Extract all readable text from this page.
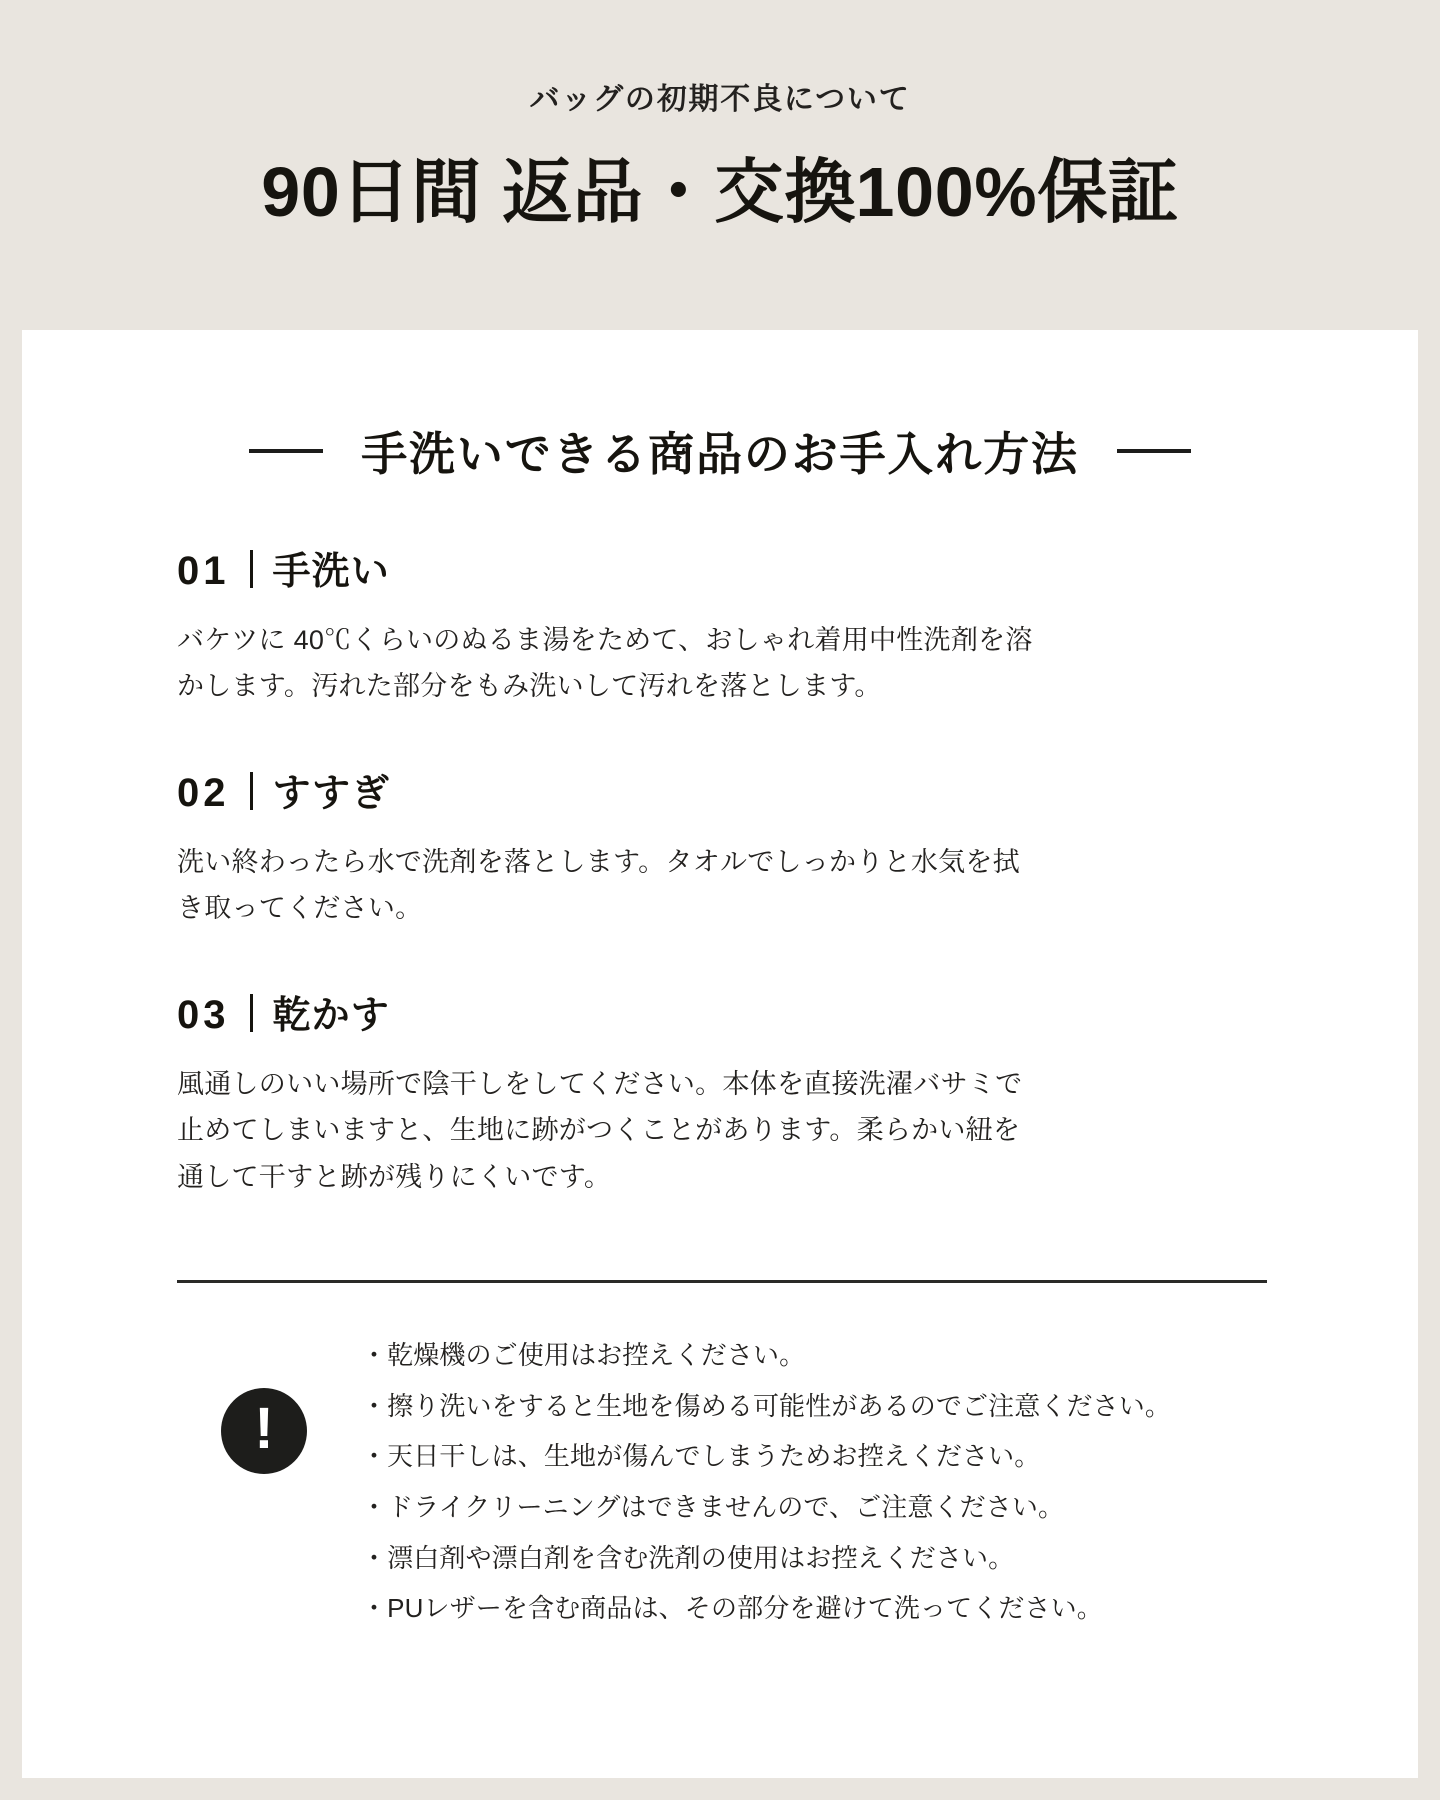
バッグの初期不良について
90日間 返品・交換100%保証
手洗いできる商品のお手入れ方法
01 手洗い
バケツに 40℃くらいのぬるま湯をためて、おしゃれ着用中性洗剤を溶かします。汚れた部分をもみ洗いして汚れを落とします。
02 すすぎ
洗い終わったら水で洗剤を落とします。タオルでしっかりと水気を拭き取ってください。
03 乾かす
風通しのいい場所で陰干しをしてください。本体を直接洗濯バサミで止めてしまいますと、生地に跡がつくことがあります。柔らかい紐を通して干すと跡が残りにくいです。
!
・乾燥機のご使用はお控えください。
・擦り洗いをすると生地を傷める可能性があるのでご注意ください。
・天日干しは、生地が傷んでしまうためお控えください。
・ドライクリーニングはできませんので、ご注意ください。
・漂白剤や漂白剤を含む洗剤の使用はお控えください。
・PUレザーを含む商品は、その部分を避けて洗ってください。
